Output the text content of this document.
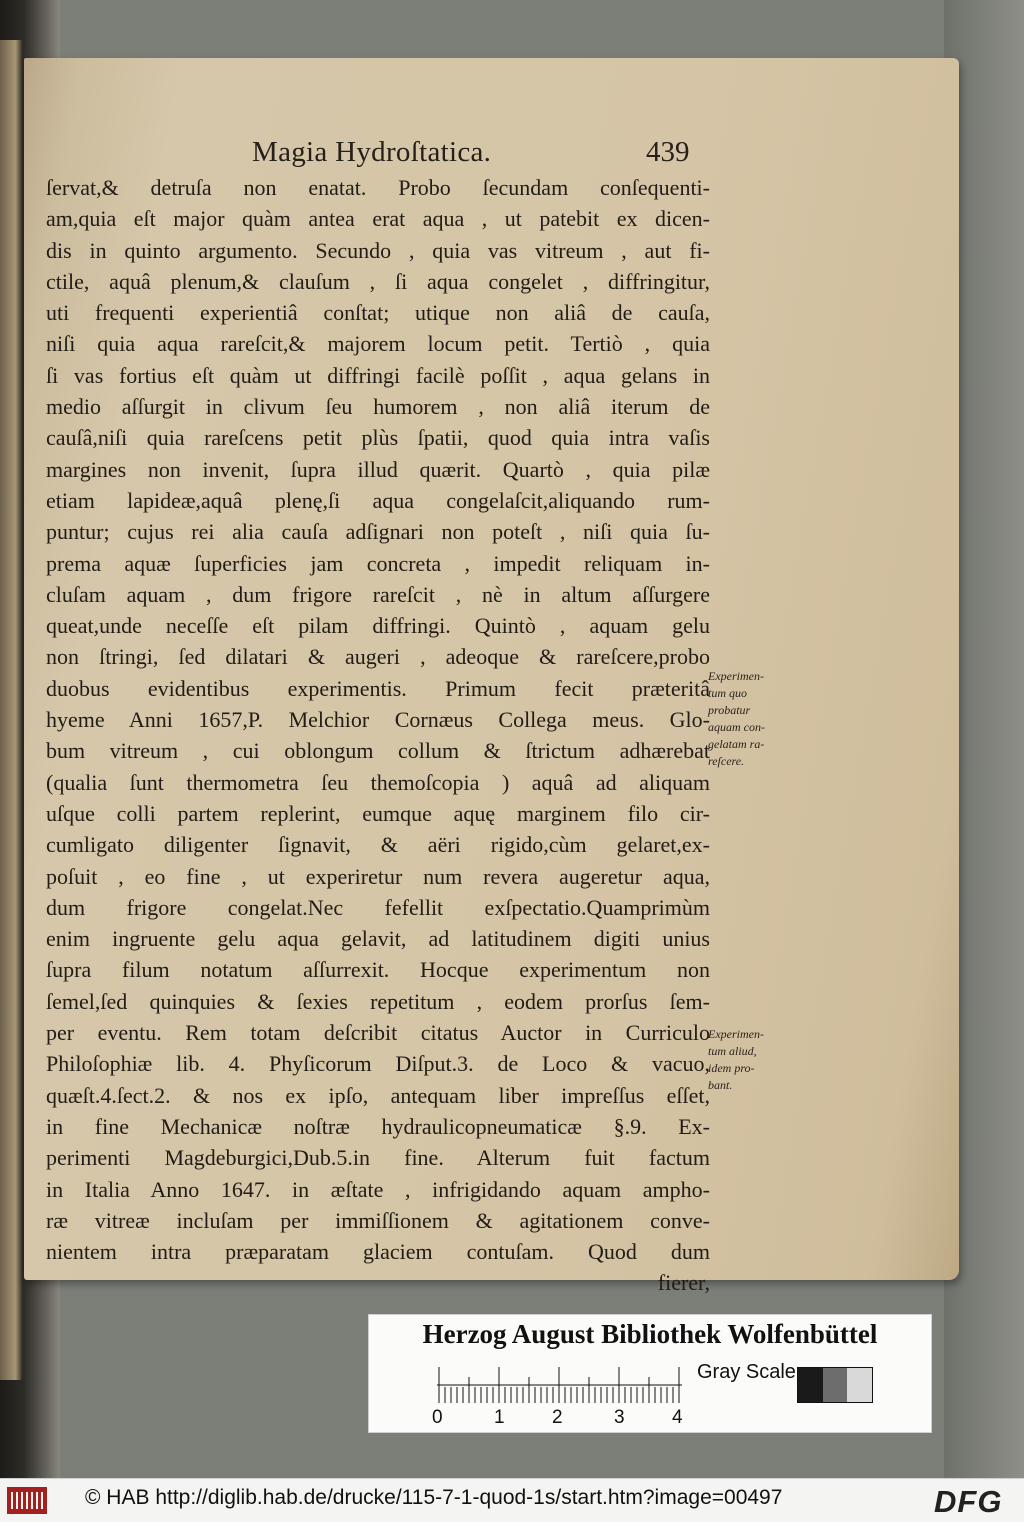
Magia Hydroſtatica.	439
ſervat,& detruſa non enatat. Probo ſecundam conſequenti-
am,quia eſt major quàm antea erat aqua , ut patebit ex dicen-
dis in quinto argumento. Secundo , quia vas vitreum , aut fi-
ctile, aquâ plenum,& clauſum , ſi aqua congelet , diffringitur,
uti frequenti experientiâ conſtat; utique non aliâ de cauſa,
niſi quia aqua rareſcit,& majorem locum petit. Tertiò , quia
ſi vas fortius eſt quàm ut diffringi facilè poſſit , aqua gelans in
medio aſſurgit in clivum ſeu humorem , non aliâ iterum de
cauſâ,niſi quia rareſcens petit plùs ſpatii, quod quia intra vaſis
margines non invenit, ſupra illud quærit. Quartò , quia pilæ
etiam lapideæ,aquâ plenę,ſi aqua congelaſcit,aliquando rum-
puntur; cujus rei alia cauſa adſignari non poteſt , niſi quia ſu-
prema aquæ ſuperficies jam concreta , impedit reliquam in-
cluſam aquam , dum frigore rareſcit , nè in altum aſſurgere
queat,unde neceſſe eſt pilam diffringi. Quintò , aquam gelu
non ſtringi, ſed dilatari & augeri , adeoque & rareſcere,probo
duobus evidentibus experimentis. Primum fecit præteritâ
hyeme Anni 1657,P. Melchior Cornæus Collega meus. Glo-
bum vitreum , cui oblongum collum & ſtrictum adhærebat
(qualia ſunt thermometra ſeu themoſcopia ) aquâ ad aliquam
uſque colli partem replerint, eumque aquę marginem filo cir-
cumligato diligenter ſignavit, & aëri rigido,cùm gelaret,ex-
poſuit , eo fine , ut experiretur num revera augeretur aqua,
dum frigore congelat.Nec fefellit exſpectatio.Quamprimùm
enim ingruente gelu aqua gelavit, ad latitudinem digiti unius
ſupra filum notatum aſſurrexit. Hocque experimentum non
ſemel,ſed quinquies & ſexies repetitum , eodem prorſus ſem-
per eventu. Rem totam deſcribit citatus Auctor in Curriculo
Philoſophiæ lib. 4. Phyſicorum Diſput.3. de Loco & vacuo,
quæſt.4.ſect.2. & nos ex ipſo, antequam liber impreſſus eſſet,
in fine Mechanicæ noſtræ hydraulicopneumaticæ §.9. Ex-
perimenti Magdeburgici,Dub.5.in fine. Alterum fuit factum
in Italia Anno 1647. in æſtate , infrigidando aquam ampho-
ræ vitreæ incluſam per immiſſionem & agitationem conve-
nientem intra præparatam glaciem contuſam. Quod dum
fierer,
Experimen-
tum quo
probatur
aquam con-
gelatam ra-
reſcere.
Experimen-
tum aliud,
idem pro-
bant.
Herzog August Bibliothek Wolfenbüttel
0	1 2	3 4
Gray Scale
© HAB http://diglib.hab.de/drucke/115-7-1-quod-1s/start.htm?image=00497	DFG
